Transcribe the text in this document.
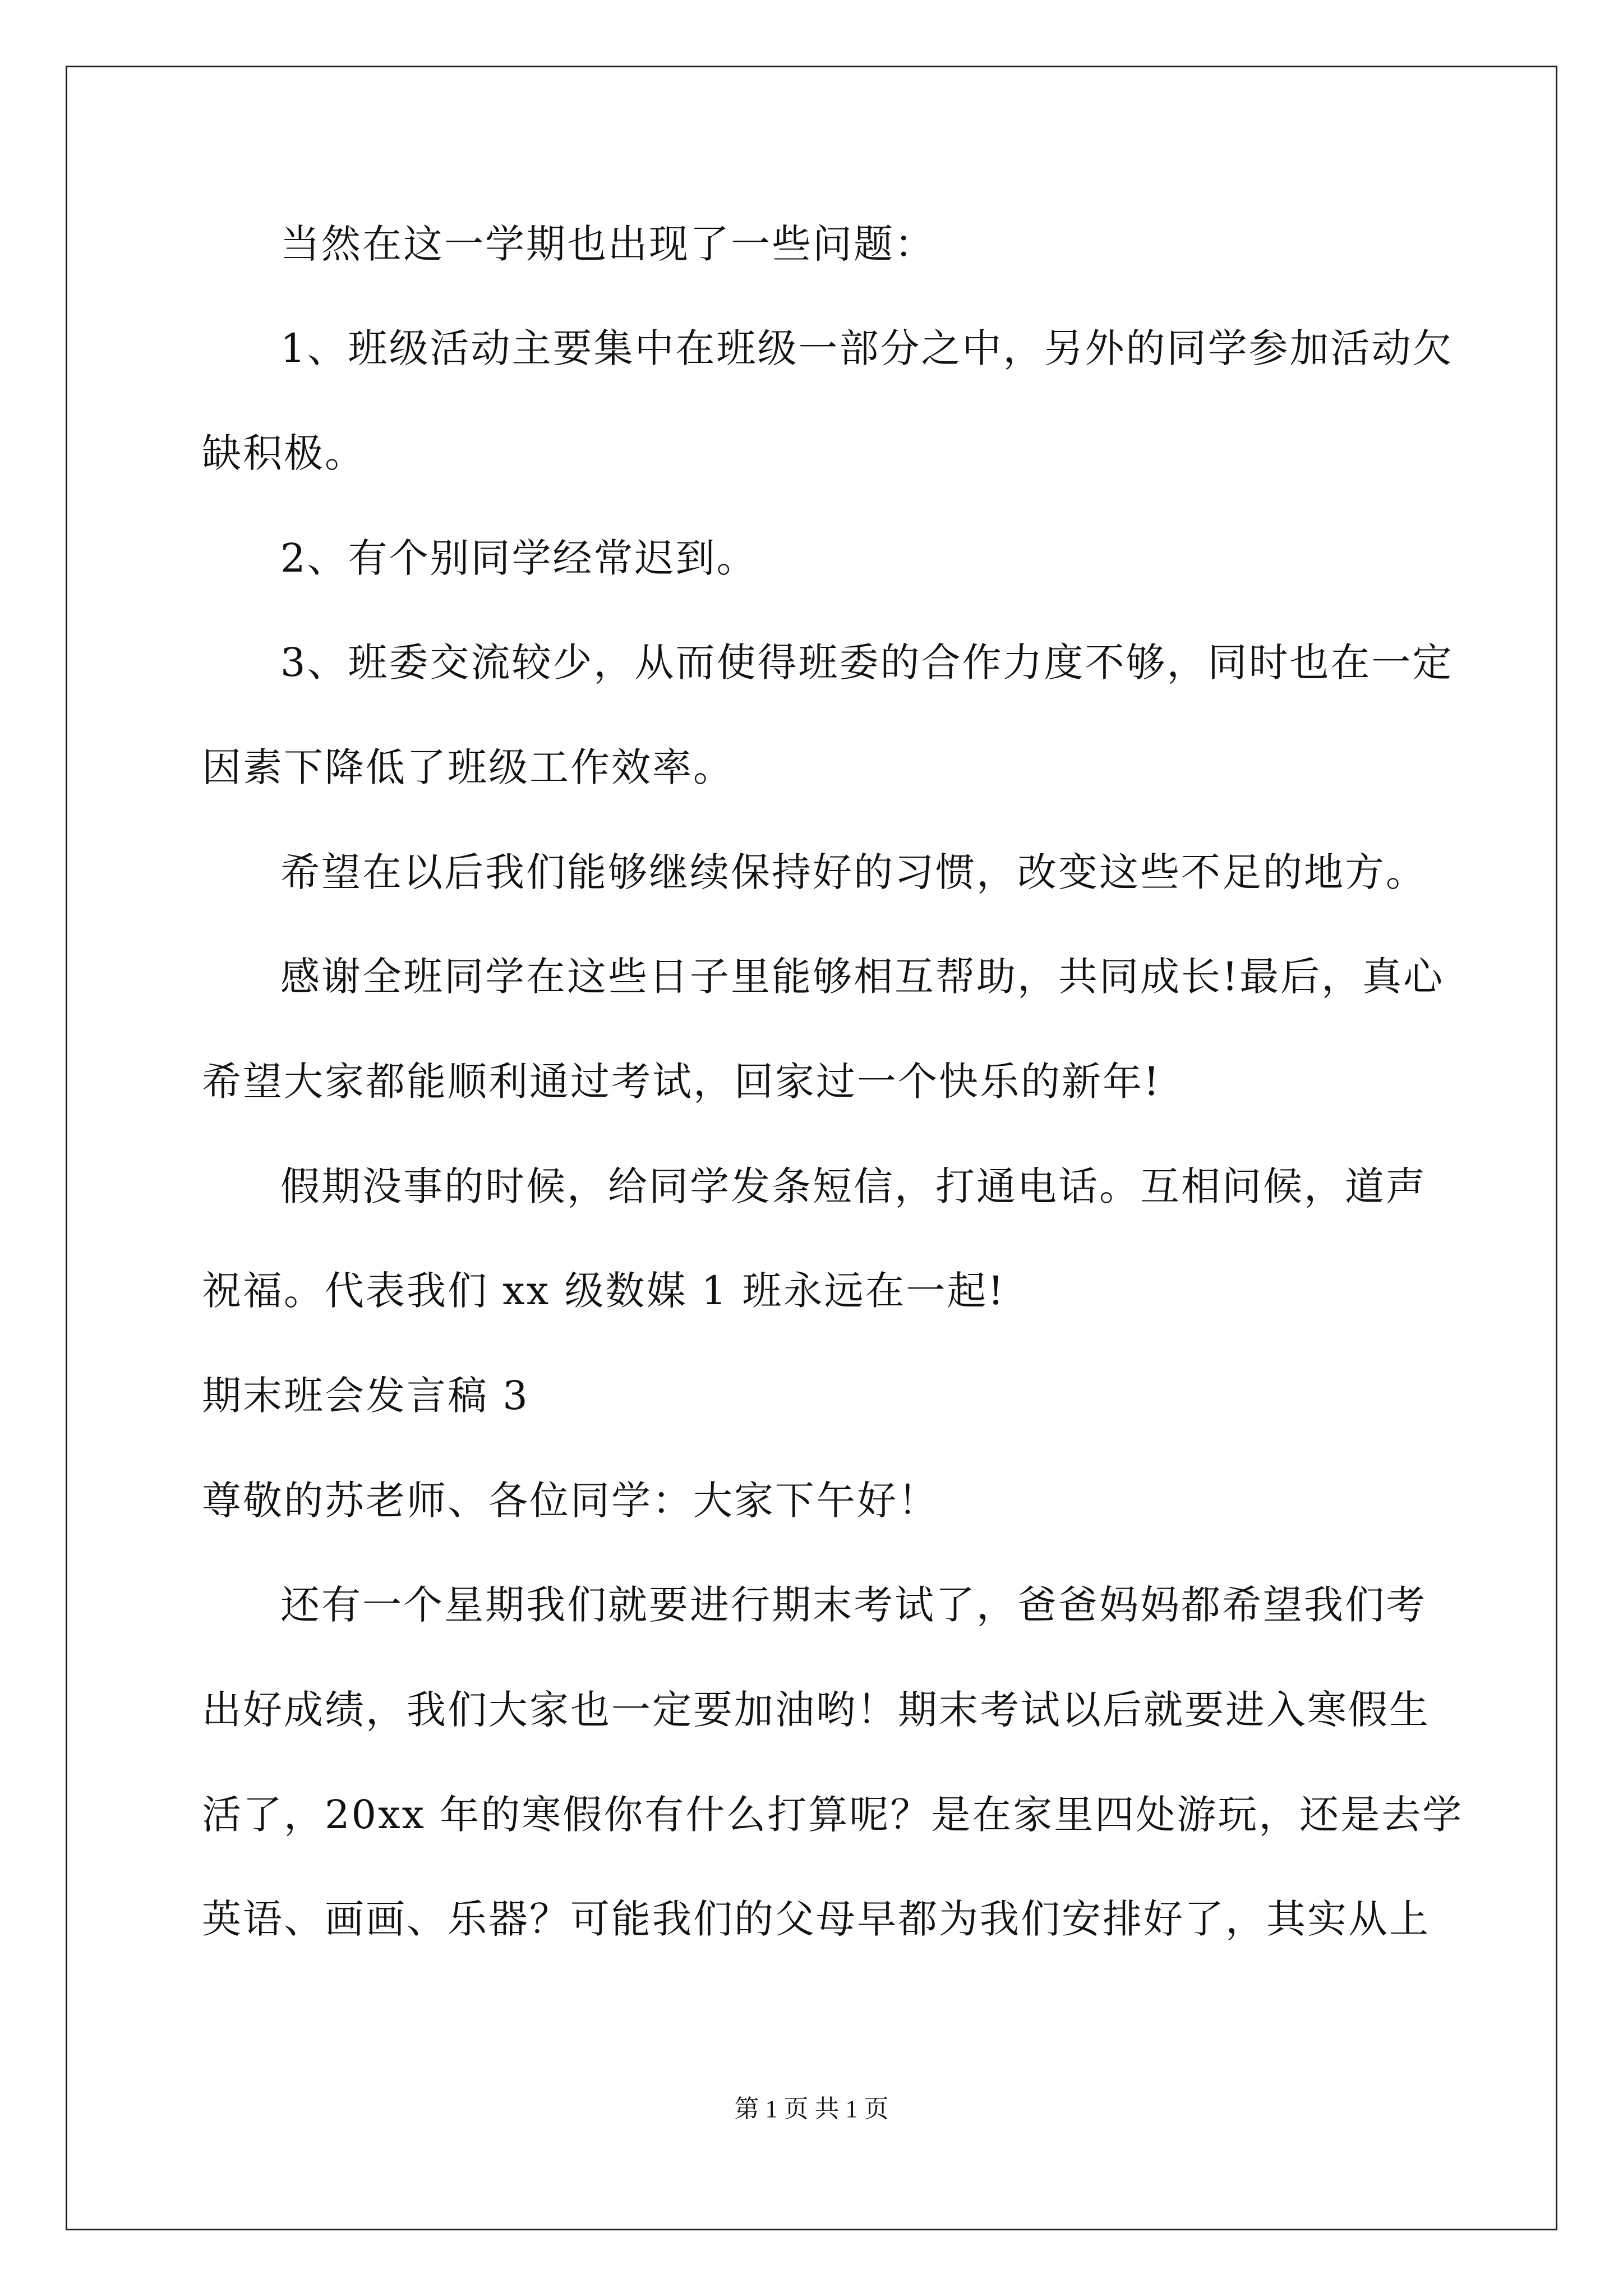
当然在这一学期也出现了一些问题：
1、班级活动主要集中在班级一部分之中，另外的同学参加活动欠
缺积极。
2、有个别同学经常迟到。
3、班委交流较少，从而使得班委的合作力度不够，同时也在一定
因素下降低了班级工作效率。
希望在以后我们能够继续保持好的习惯，改变这些不足的地方。
感谢全班同学在这些日子里能够相互帮助，共同成长!最后，真心
希望大家都能顺利通过考试，回家过一个快乐的新年!
假期没事的时候，给同学发条短信，打通电话。互相问候，道声
祝福。代表我们 xx 级数媒 1 班永远在一起!
期末班会发言稿 3
尊敬的苏老师、各位同学：大家下午好！
还有一个星期我们就要进行期末考试了，爸爸妈妈都希望我们考
出好成绩，我们大家也一定要加油哟！期末考试以后就要进入寒假生
活了，20xx 年的寒假你有什么打算呢？是在家里四处游玩，还是去学
英语、画画、乐器？可能我们的父母早都为我们安排好了，其实从上
第 1 页 共 1 页
